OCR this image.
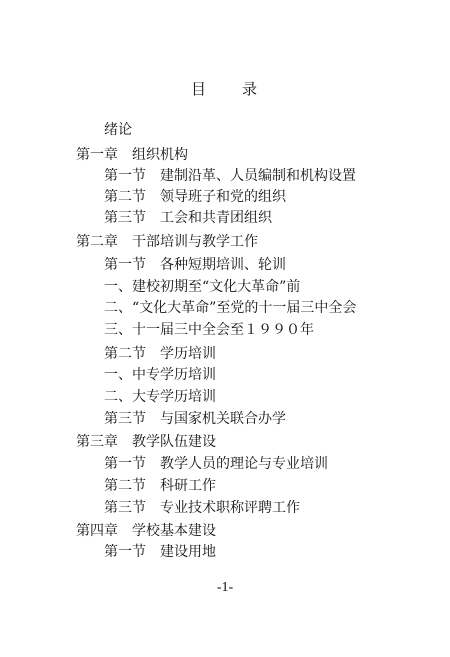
目　　录
绪论
第一章　组织机构
第一节　建制沿革、人员编制和机构设置
第二节　领导班子和党的组织
第三节　工会和共青团组织
第二章　干部培训与教学工作
第一节　各种短期培训、轮训
一、建校初期至“文化大革命”前
二、“文化大革命”至党的十一届三中全会
三、十一届三中全会至１９９０年
第二节　学历培训
一、中专学历培训
二、大专学历培训
第三节　与国家机关联合办学
第三章　教学队伍建设
第一节　教学人员的理论与专业培训
第二节　科研工作
第三节　专业技术职称评聘工作
第四章　学校基本建设
第一节　建设用地
-1-
